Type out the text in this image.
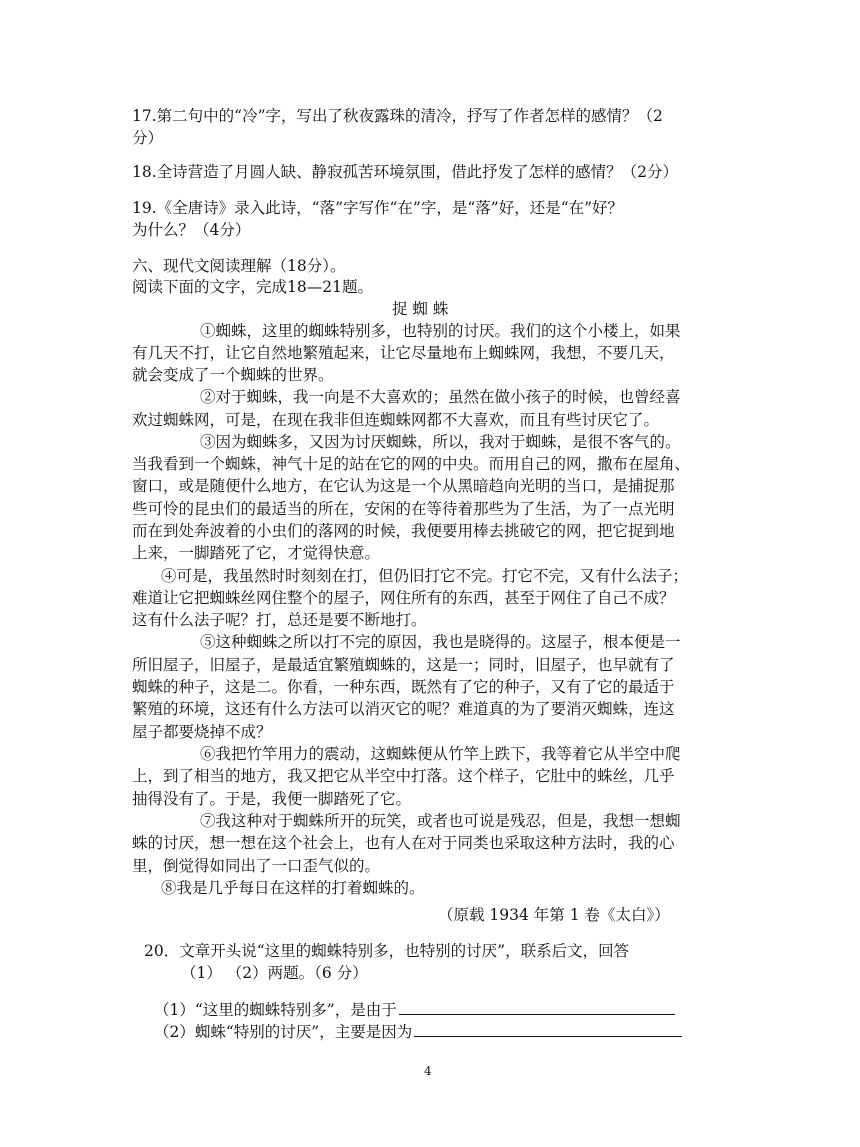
17.第二句中的“冷”字，写出了秋夜露珠的清冷，抒写了作者怎样的感情？（2
分）
18.全诗营造了月圆人缺、静寂孤苦环境氛围，借此抒发了怎样的感情？（2分）
19.《全唐诗》录入此诗，“落”字写作“在”字，是“落”好，还是“在”好？
为什么？（4分）
六、现代文阅读理解（18分）。
阅读下面的文字，完成18—21题。
捉 蜘 蛛
①蜘蛛，这里的蜘蛛特别多，也特别的讨厌。我们的这个小楼上，如果
有几天不打，让它自然地繁殖起来，让它尽量地布上蜘蛛网，我想，不要几天，
就会变成了一个蜘蛛的世界。
②对于蜘蛛，我一向是不大喜欢的；虽然在做小孩子的时候，也曾经喜
欢过蜘蛛网，可是，在现在我非但连蜘蛛网都不大喜欢，而且有些讨厌它了。
③因为蜘蛛多，又因为讨厌蜘蛛，所以，我对于蜘蛛，是很不客气的。
当我看到一个蜘蛛，神气十足的站在它的网的中央。而用自己的网，撒布在屋角、
窗口，或是随便什么地方，在它认为这是一个从黑暗趋向光明的当口，是捕捉那
些可怜的昆虫们的最适当的所在，安闲的在等待着那些为了生活，为了一点光明
而在到处奔波着的小虫们的落网的时候，我便要用棒去挑破它的网，把它捉到地
上来，一脚踏死了它，才觉得快意。
④可是，我虽然时时刻刻在打，但仍旧打它不完。打它不完，又有什么法子；
难道让它把蜘蛛丝网住整个的屋子，网住所有的东西，甚至于网住了自己不成？
这有什么法子呢？打，总还是要不断地打。
⑤这种蜘蛛之所以打不完的原因，我也是晓得的。这屋子，根本便是一
所旧屋子，旧屋子，是最适宜繁殖蜘蛛的，这是一；同时，旧屋子，也早就有了
蜘蛛的种子，这是二。你看，一种东西，既然有了它的种子，又有了它的最适于
繁殖的环境，这还有什么方法可以消灭它的呢？难道真的为了要消灭蜘蛛，连这
屋子都要烧掉不成？
⑥我把竹竿用力的震动，这蜘蛛便从竹竿上跌下，我等着它从半空中爬
上，到了相当的地方，我又把它从半空中打落。这个样子，它肚中的蛛丝，几乎
抽得没有了。于是，我便一脚踏死了它。
⑦我这种对于蜘蛛所开的玩笑，或者也可说是残忍，但是，我想一想蜘
蛛的讨厌，想一想在这个社会上，也有人在对于同类也采取这种方法时，我的心
里，倒觉得如同出了一口歪气似的。
⑧我是几乎每日在这样的打着蜘蛛的。
（原载 1934 年第 1 卷《太白》）
20．文章开头说“这里的蜘蛛特别多，也特别的讨厌”，联系后文，回答
（1） （2）两题。（6 分）
（1）“这里的蜘蛛特别多”，是由于
（2）蜘蛛“特别的讨厌”，主要是因为
4
